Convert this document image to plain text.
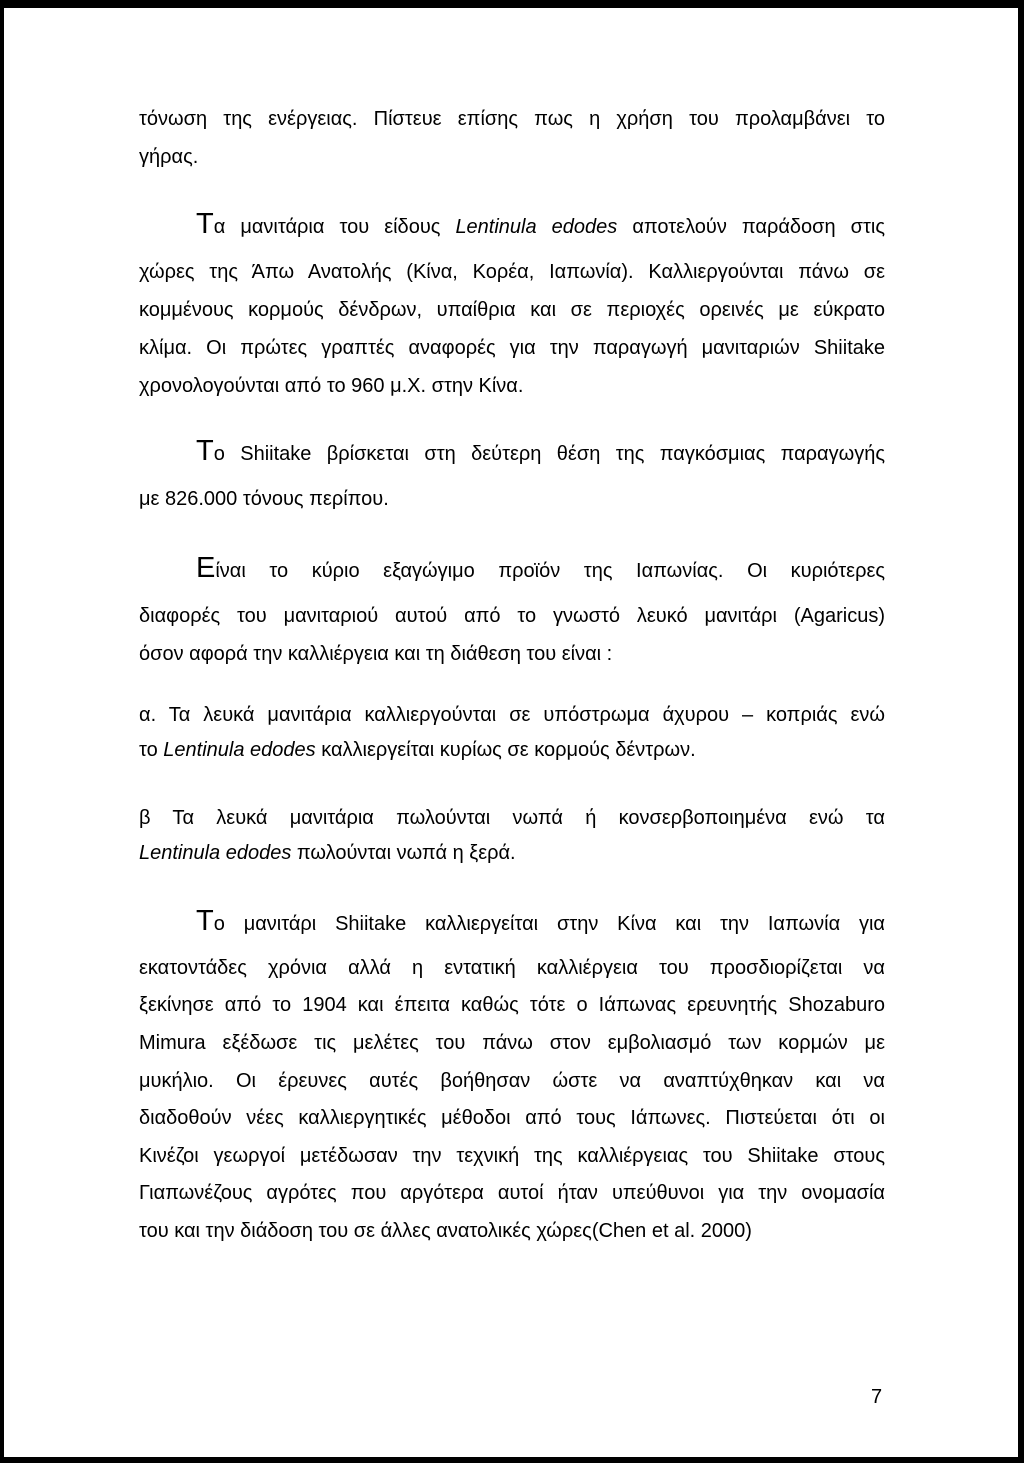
τόνωση της ενέργειας. Πίστευε επίσης πως η χρήση του προλαμβάνει το
γήρας.
Τα μανιτάρια του είδους Lentinula edodes αποτελούν παράδοση στις
χώρες της Άπω Ανατολής (Κίνα, Κορέα, Ιαπωνία). Καλλιεργούνται πάνω σε
κομμένους κορμούς δένδρων, υπαίθρια και σε περιοχές ορεινές με εύκρατο
κλίμα. Οι πρώτες γραπτές αναφορές για την παραγωγή μανιταριών Shiitake
χρονολογούνται από το 960 μ.Χ. στην Κίνα.
Το Shiitake βρίσκεται στη δεύτερη θέση της παγκόσμιας παραγωγής
με 826.000 τόνους περίπου.
Είναι το κύριο εξαγώγιμο προϊόν της Ιαπωνίας. Οι κυριότερες
διαφορές του μανιταριού αυτού από το γνωστό λευκό μανιτάρι (Agaricus)
όσον αφορά την καλλιέργεια και τη διάθεση του είναι :
α. Τα λευκά μανιτάρια καλλιεργούνται σε υπόστρωμα άχυρου – κοπριάς ενώ
το Lentinula edodes καλλιεργείται κυρίως σε κορμούς δέντρων.
β Τα λευκά μανιτάρια πωλούνται νωπά ή κονσερβοποιημένα ενώ τα
Lentinula edodes πωλούνται νωπά η ξερά.
Το μανιτάρι Shiitake καλλιεργείται στην Κίνα και την Ιαπωνία για
εκατοντάδες χρόνια αλλά η εντατική καλλιέργεια του προσδιορίζεται να
ξεκίνησε από το 1904 και έπειτα καθώς τότε ο Ιάπωνας ερευνητής Shozaburo
Mimura εξέδωσε τις μελέτες του πάνω στον εμβολιασμό των κορμών με
μυκήλιο. Οι έρευνες αυτές βοήθησαν ώστε να αναπτύχθηκαν και να
διαδοθούν νέες καλλιεργητικές μέθοδοι από τους Ιάπωνες. Πιστεύεται ότι οι
Κινέζοι γεωργοί μετέδωσαν την τεχνική της καλλιέργειας του Shiitake στους
Γιαπωνέζους αγρότες που αργότερα αυτοί ήταν υπεύθυνοι για την ονομασία
του και την διάδοση του σε άλλες ανατολικές χώρες(Chen et al. 2000)
7
